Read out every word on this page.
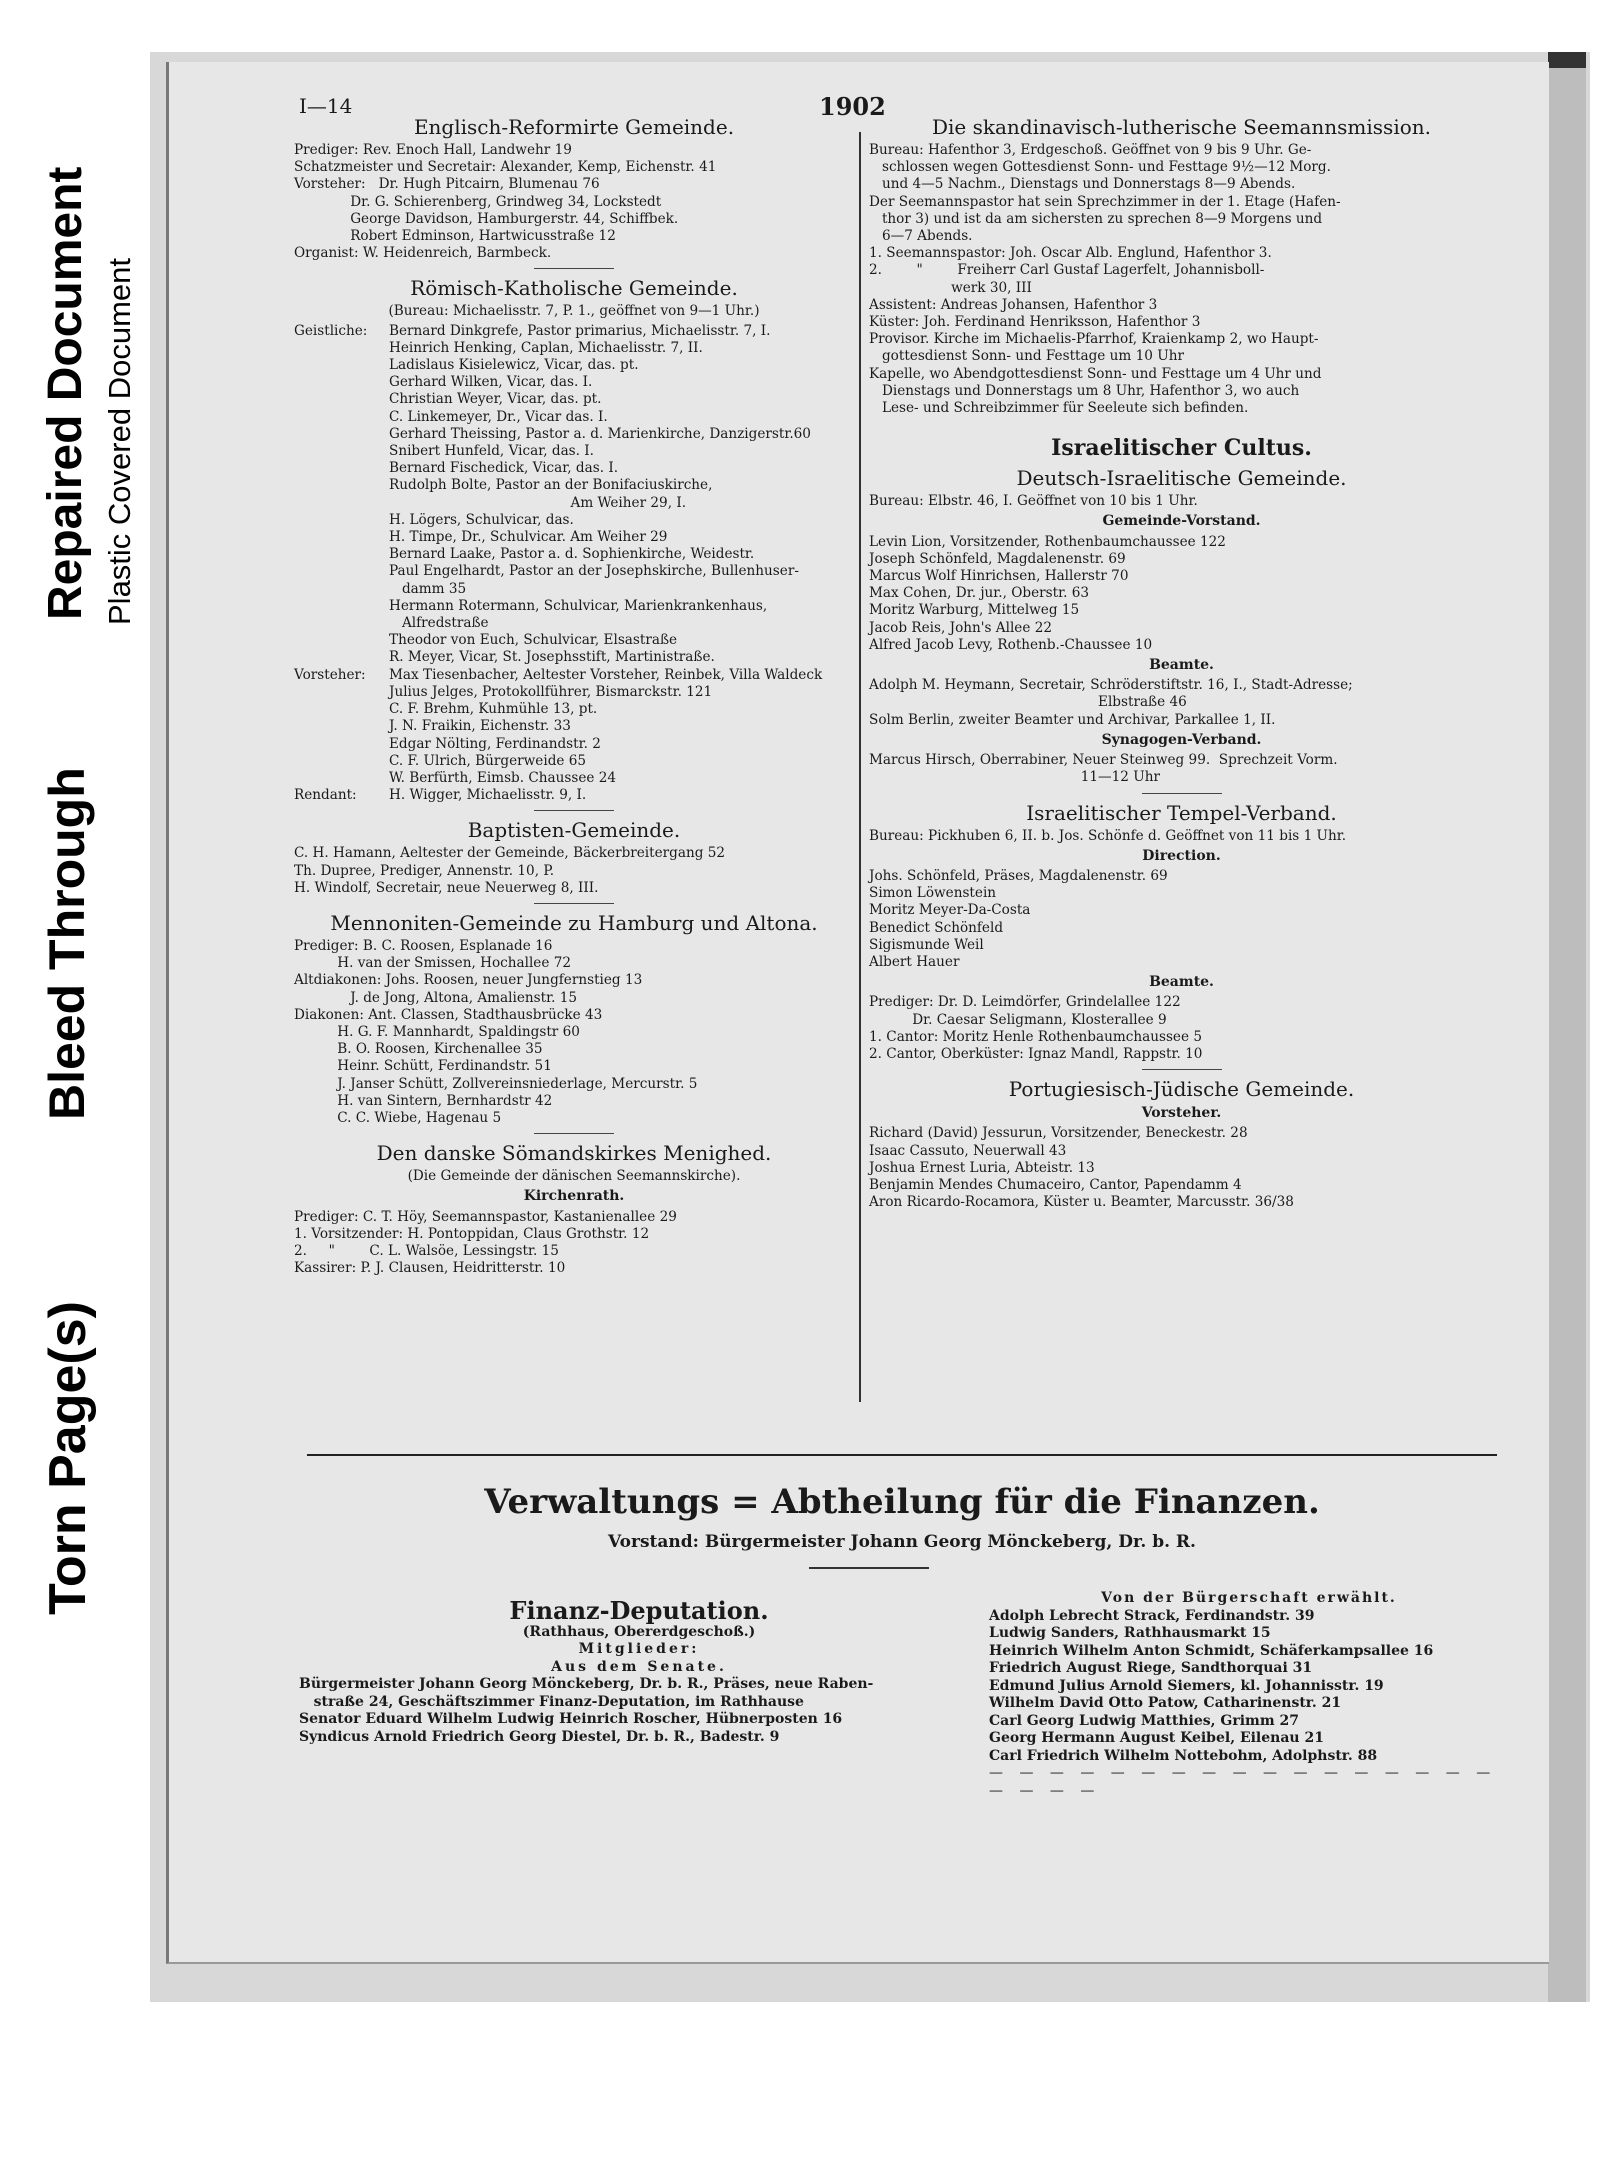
Torn Page(s)
Bleed Through
Repaired Document Plastic Covered Document
I—14	1902
Englisch-Reformirte Gemeinde.
Prediger: Rev. Enoch Hall, Landwehr 19
Schatzmeister und Secretair: Alexander, Kemp, Eichenstr. 41
Vorsteher:   Dr. Hugh Pitcairn, Blumenau 76
Dr. G. Schierenberg, Grindweg 34, Lockstedt
George Davidson, Hamburgerstr. 44, Schiffbek.
Robert Edminson, Hartwicusstraße 12
Organist: W. Heidenreich, Barmbeck.
Römisch-Katholische Gemeinde.
(Bureau: Michaelisstr. 7, P. 1., geöffnet von 9—1 Uhr.)
Geistliche:	Bernard Dinkgrefe, Pastor primarius, Michaelisstr. 7, I.
Heinrich Henking, Caplan, Michaelisstr. 7, II.
Ladislaus Kisielewicz, Vicar, das. pt.
Gerhard Wilken, Vicar, das. I.
Christian Weyer, Vicar, das. pt.
C. Linkemeyer, Dr., Vicar das. I.
Gerhard Theissing, Pastor a. d. Marienkirche, Danzigerstr.60
Snibert Hunfeld, Vicar, das. I.
Bernard Fischedick, Vicar, das. I.
Rudolph Bolte, Pastor an der Bonifaciuskirche,
Am Weiher 29, I.
H. Lögers, Schulvicar, das.
H. Timpe, Dr., Schulvicar. Am Weiher 29
Bernard Laake, Pastor a. d. Sophienkirche, Weidestr.
Paul Engelhardt, Pastor an der Josephskirche, Bullenhuser-
damm 35
Hermann Rotermann, Schulvicar, Marienkrankenhaus,
Alfredstraße
Theodor von Euch, Schulvicar, Elsastraße
R. Meyer, Vicar, St. Josephsstift, Martinistraße.
Vorsteher:	Max Tiesenbacher, Aeltester Vorsteher, Reinbek, Villa Waldeck
Julius Jelges, Protokollführer, Bismarckstr. 121
C. F. Brehm, Kuhmühle 13, pt.
J. N. Fraikin, Eichenstr. 33
Edgar Nölting, Ferdinandstr. 2
C. F. Ulrich, Bürgerweide 65
W. Berfürth, Eimsb. Chaussee 24
Rendant:	H. Wigger, Michaelisstr. 9, I.
Baptisten-Gemeinde.
C. H. Hamann, Aeltester der Gemeinde, Bäckerbreitergang 52
Th. Dupree, Prediger, Annenstr. 10, P.
H. Windolf, Secretair, neue Neuerweg 8, III.
Mennoniten-Gemeinde zu Hamburg und Altona.
Prediger: B. C. Roosen, Esplanade 16
H. van der Smissen, Hochallee 72
Altdiakonen: Johs. Roosen, neuer Jungfernstieg 13
J. de Jong, Altona, Amalienstr. 15
Diakonen: Ant. Classen, Stadthausbrücke 43
H. G. F. Mannhardt, Spaldingstr 60
B. O. Roosen, Kirchenallee 35
Heinr. Schütt, Ferdinandstr. 51
J. Janser Schütt, Zollvereinsniederlage, Mercurstr. 5
H. van Sintern, Bernhardstr 42
C. C. Wiebe, Hagenau 5
Den danske Sömandskirkes Menighed.
(Die Gemeinde der dänischen Seemannskirche).
Kirchenrath.
Prediger: C. T. Höy, Seemannspastor, Kastanienallee 29
1. Vorsitzender: H. Pontoppidan, Claus Grothstr. 12
2.     "        C. L. Walsöe, Lessingstr. 15
Kassirer: P. J. Clausen, Heidritterstr. 10
Die skandinavisch-lutherische Seemannsmission.
Bureau: Hafenthor 3, Erdgeschoß. Geöffnet von 9 bis 9 Uhr. Ge-
schlossen wegen Gottesdienst Sonn- und Festtage 9½—12 Morg.
und 4—5 Nachm., Dienstags und Donnerstags 8—9 Abends.
Der Seemannspastor hat sein Sprechzimmer in der 1. Etage (Hafen-
thor 3) und ist da am sichersten zu sprechen 8—9 Morgens und
6—7 Abends.
1. Seemannspastor: Joh. Oscar Alb. Englund, Hafenthor 3.
2.        "        Freiherr Carl Gustaf Lagerfelt, Johannisboll-
werk 30, III
Assistent: Andreas Johansen, Hafenthor 3
Küster: Joh. Ferdinand Henriksson, Hafenthor 3
Provisor. Kirche im Michaelis-Pfarrhof, Kraienkamp 2, wo Haupt-
gottesdienst Sonn- und Festtage um 10 Uhr
Kapelle, wo Abendgottesdienst Sonn- und Festtage um 4 Uhr und
Dienstags und Donnerstags um 8 Uhr, Hafenthor 3, wo auch
Lese- und Schreibzimmer für Seeleute sich befinden.
Israelitischer Cultus.
Deutsch-Israelitische Gemeinde.
Bureau: Elbstr. 46, I. Geöffnet von 10 bis 1 Uhr.
Gemeinde-Vorstand.
Levin Lion, Vorsitzender, Rothenbaumchaussee 122
Joseph Schönfeld, Magdalenenstr. 69
Marcus Wolf Hinrichsen, Hallerstr 70
Max Cohen, Dr. jur., Oberstr. 63
Moritz Warburg, Mittelweg 15
Jacob Reis, John's Allee 22
Alfred Jacob Levy, Rothenb.-Chaussee 10
Beamte.
Adolph M. Heymann, Secretair, Schröderstiftstr. 16, I., Stadt-Adresse;
Elbstraße 46
Solm Berlin, zweiter Beamter und Archivar, Parkallee 1, II.
Synagogen-Verband.
Marcus Hirsch, Oberrabiner, Neuer Steinweg 99.  Sprechzeit Vorm.
11—12 Uhr
Israelitischer Tempel-Verband.
Bureau: Pickhuben 6, II. b. Jos. Schönfe d. Geöffnet von 11 bis 1 Uhr.
Direction.
Johs. Schönfeld, Präses, Magdalenenstr. 69
Simon Löwenstein
Moritz Meyer-Da-Costa
Benedict Schönfeld
Sigismunde Weil
Albert Hauer
Beamte.
Prediger: Dr. D. Leimdörfer, Grindelallee 122
Dr. Caesar Seligmann, Klosterallee 9
1. Cantor: Moritz Henle Rothenbaumchaussee 5
2. Cantor, Oberküster: Ignaz Mandl, Rappstr. 10
Portugiesisch-Jüdische Gemeinde.
Vorsteher.
Richard (David) Jessurun, Vorsitzender, Beneckestr. 28
Isaac Cassuto, Neuerwall 43
Joshua Ernest Luria, Abteistr. 13
Benjamin Mendes Chumaceiro, Cantor, Papendamm 4
Aron Ricardo-Rocamora, Küster u. Beamter, Marcusstr. 36/38
Verwaltungs = Abtheilung für die Finanzen.
Vorstand: Bürgermeister Johann Georg Mönckeberg, Dr. b. R.
Finanz-Deputation.
(Rathhaus, Obererdgeschoß.)
Mitglieder:
Aus dem Senate.
Bürgermeister Johann Georg Mönckeberg, Dr. b. R., Präses, neue Raben-
straße 24, Geschäftszimmer Finanz-Deputation, im Rathhause
Senator Eduard Wilhelm Ludwig Heinrich Roscher, Hübnerposten 16
Syndicus Arnold Friedrich Georg Diestel, Dr. b. R., Badestr. 9
Von der Bürgerschaft erwählt.
Adolph Lebrecht Strack, Ferdinandstr. 39
Ludwig Sanders, Rathhausmarkt 15
Heinrich Wilhelm Anton Schmidt, Schäferkampsallee 16
Friedrich August Riege, Sandthorquai 31
Edmund Julius Arnold Siemers, kl. Johannisstr. 19
Wilhelm David Otto Patow, Catharinenstr. 21
Carl Georg Ludwig Matthies, Grimm 27
Georg Hermann August Keibel, Eilenau 21
Carl Friedrich Wilhelm Nottebohm, Adolphstr. 88
— — — — — — — — — — — — — — — — — — — — —
